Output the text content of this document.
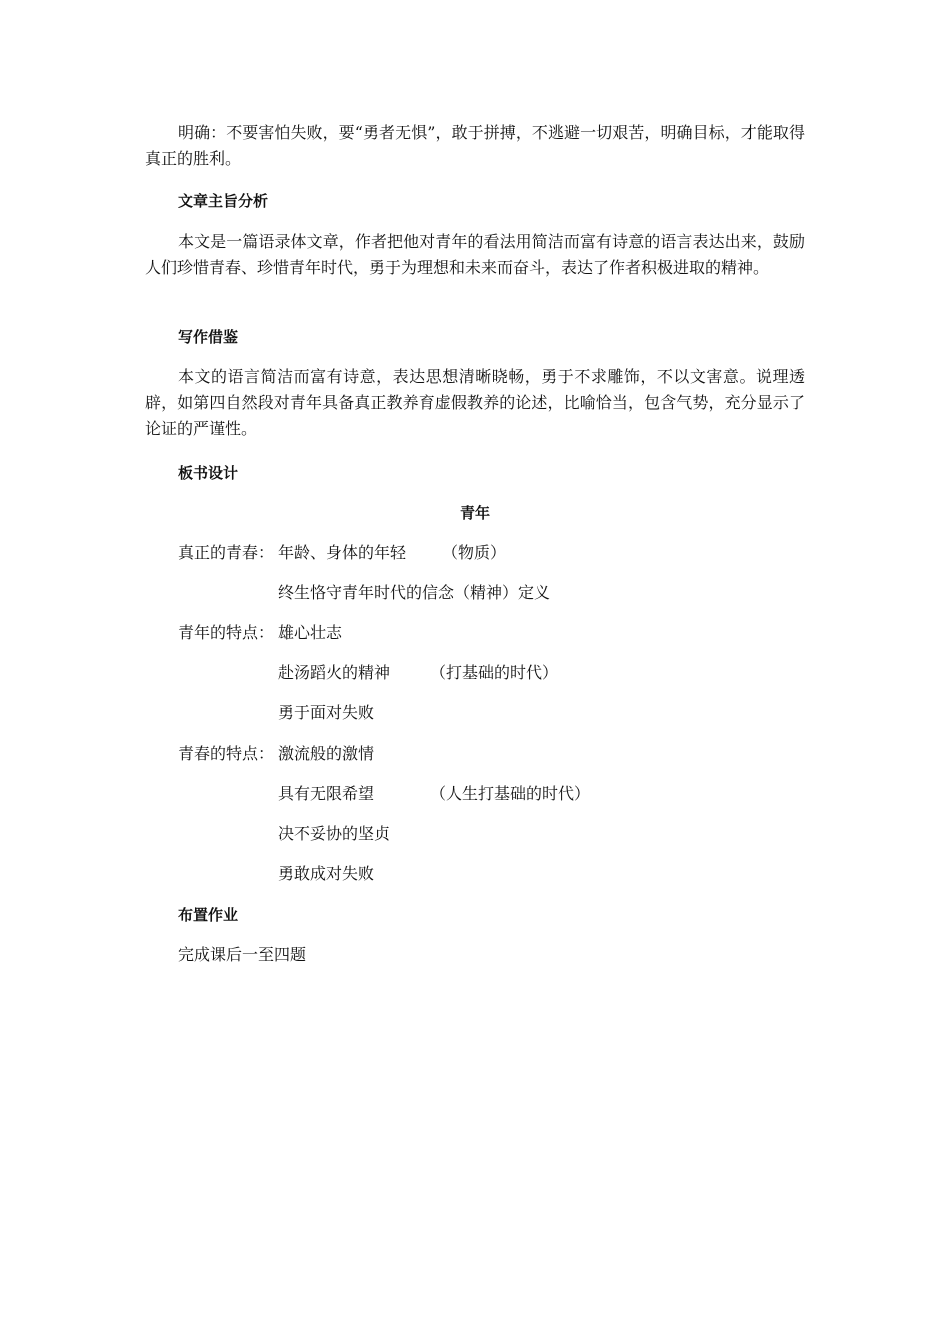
明确：不要害怕失败，要“勇者无惧”，敢于拼搏，不逃避一切艰苦，明确目标，才能取得真正的胜利。

文章主旨分析

本文是一篇语录体文章，作者把他对青年的看法用简洁而富有诗意的语言表达出来，鼓励人们珍惜青春、珍惜青年时代，勇于为理想和未来而奋斗，表达了作者积极进取的精神。

写作借鉴

本文的语言简洁而富有诗意，表达思想清晰晓畅，勇于不求雕饰，不以文害意。说理透辟，如第四自然段对青年具备真正教养育虚假教养的论述，比喻恰当，包含气势，充分显示了论证的严谨性。

板书设计

青年

真正的青春： 年龄、身体的年轻 （物质）

终生恪守青年时代的信念（精神）定义

青年的特点： 雄心壮志

赴汤蹈火的精神 （打基础的时代）

勇于面对失败

青春的特点： 激流般的激情

具有无限希望	（人生打基础的时代）

决不妥协的坚贞

勇敢成对失败

布置作业

完成课后一至四题
